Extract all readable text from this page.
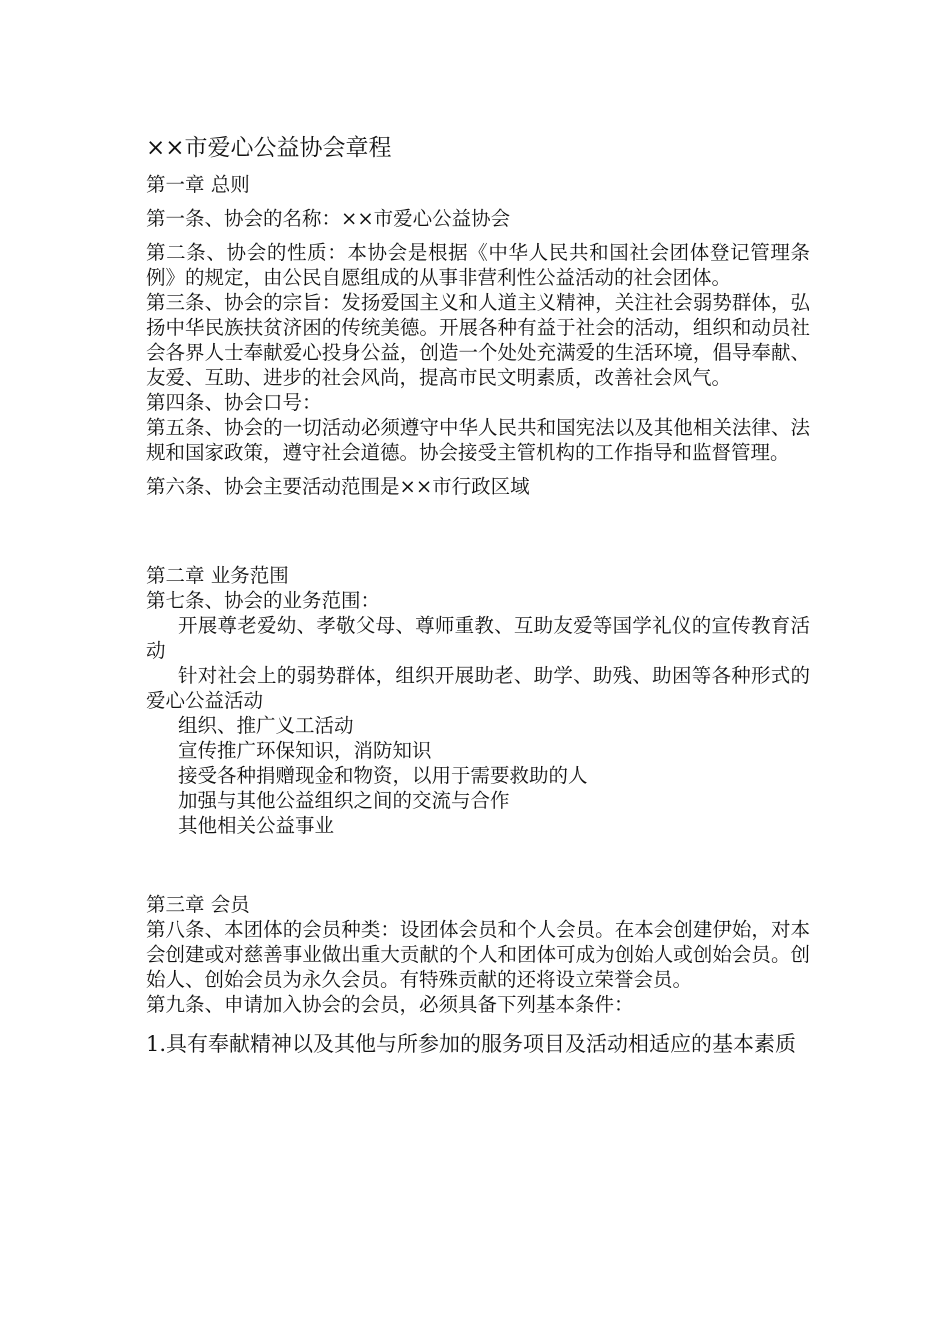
××市爱心公益协会章程

第一章 总则

第一条、协会的名称：××市爱心公益协会

第二条、协会的性质：本协会是根据《中华人民共和国社会团体登记管理条例》的规定，由公民自愿组成的从事非营利性公益活动的社会团体。

第三条、协会的宗旨：发扬爱国主义和人道主义精神，关注社会弱势群体，弘扬中华民族扶贫济困的传统美德。开展各种有益于社会的活动，组织和动员社会各界人士奉献爱心投身公益，创造一个处处充满爱的生活环境，倡导奉献、友爱、互助、进步的社会风尚，提高市民文明素质，改善社会风气。

第四条、协会口号：

第五条、协会的一切活动必须遵守中华人民共和国宪法以及其他相关法律、法规和国家政策，遵守社会道德。协会接受主管机构的工作指导和监督管理。

第六条、协会主要活动范围是××市行政区域

第二章 业务范围

第七条、协会的业务范围：

开展尊老爱幼、孝敬父母、尊师重教、互助友爱等国学礼仪的宣传教育活动

针对社会上的弱势群体，组织开展助老、助学、助残、助困等各种形式的爱心公益活动

组织、推广义工活动

宣传推广环保知识，消防知识

接受各种捐赠现金和物资，以用于需要救助的人

加强与其他公益组织之间的交流与合作

其他相关公益事业

第三章 会员

第八条、本团体的会员种类：设团体会员和个人会员。在本会创建伊始，对本会创建或对慈善事业做出重大贡献的个人和团体可成为创始人或创始会员。创始人、创始会员为永久会员。有特殊贡献的还将设立荣誉会员。

第九条、申请加入协会的会员，必须具备下列基本条件：

1.具有奉献精神以及其他与所参加的服务项目及活动相适应的基本素质
